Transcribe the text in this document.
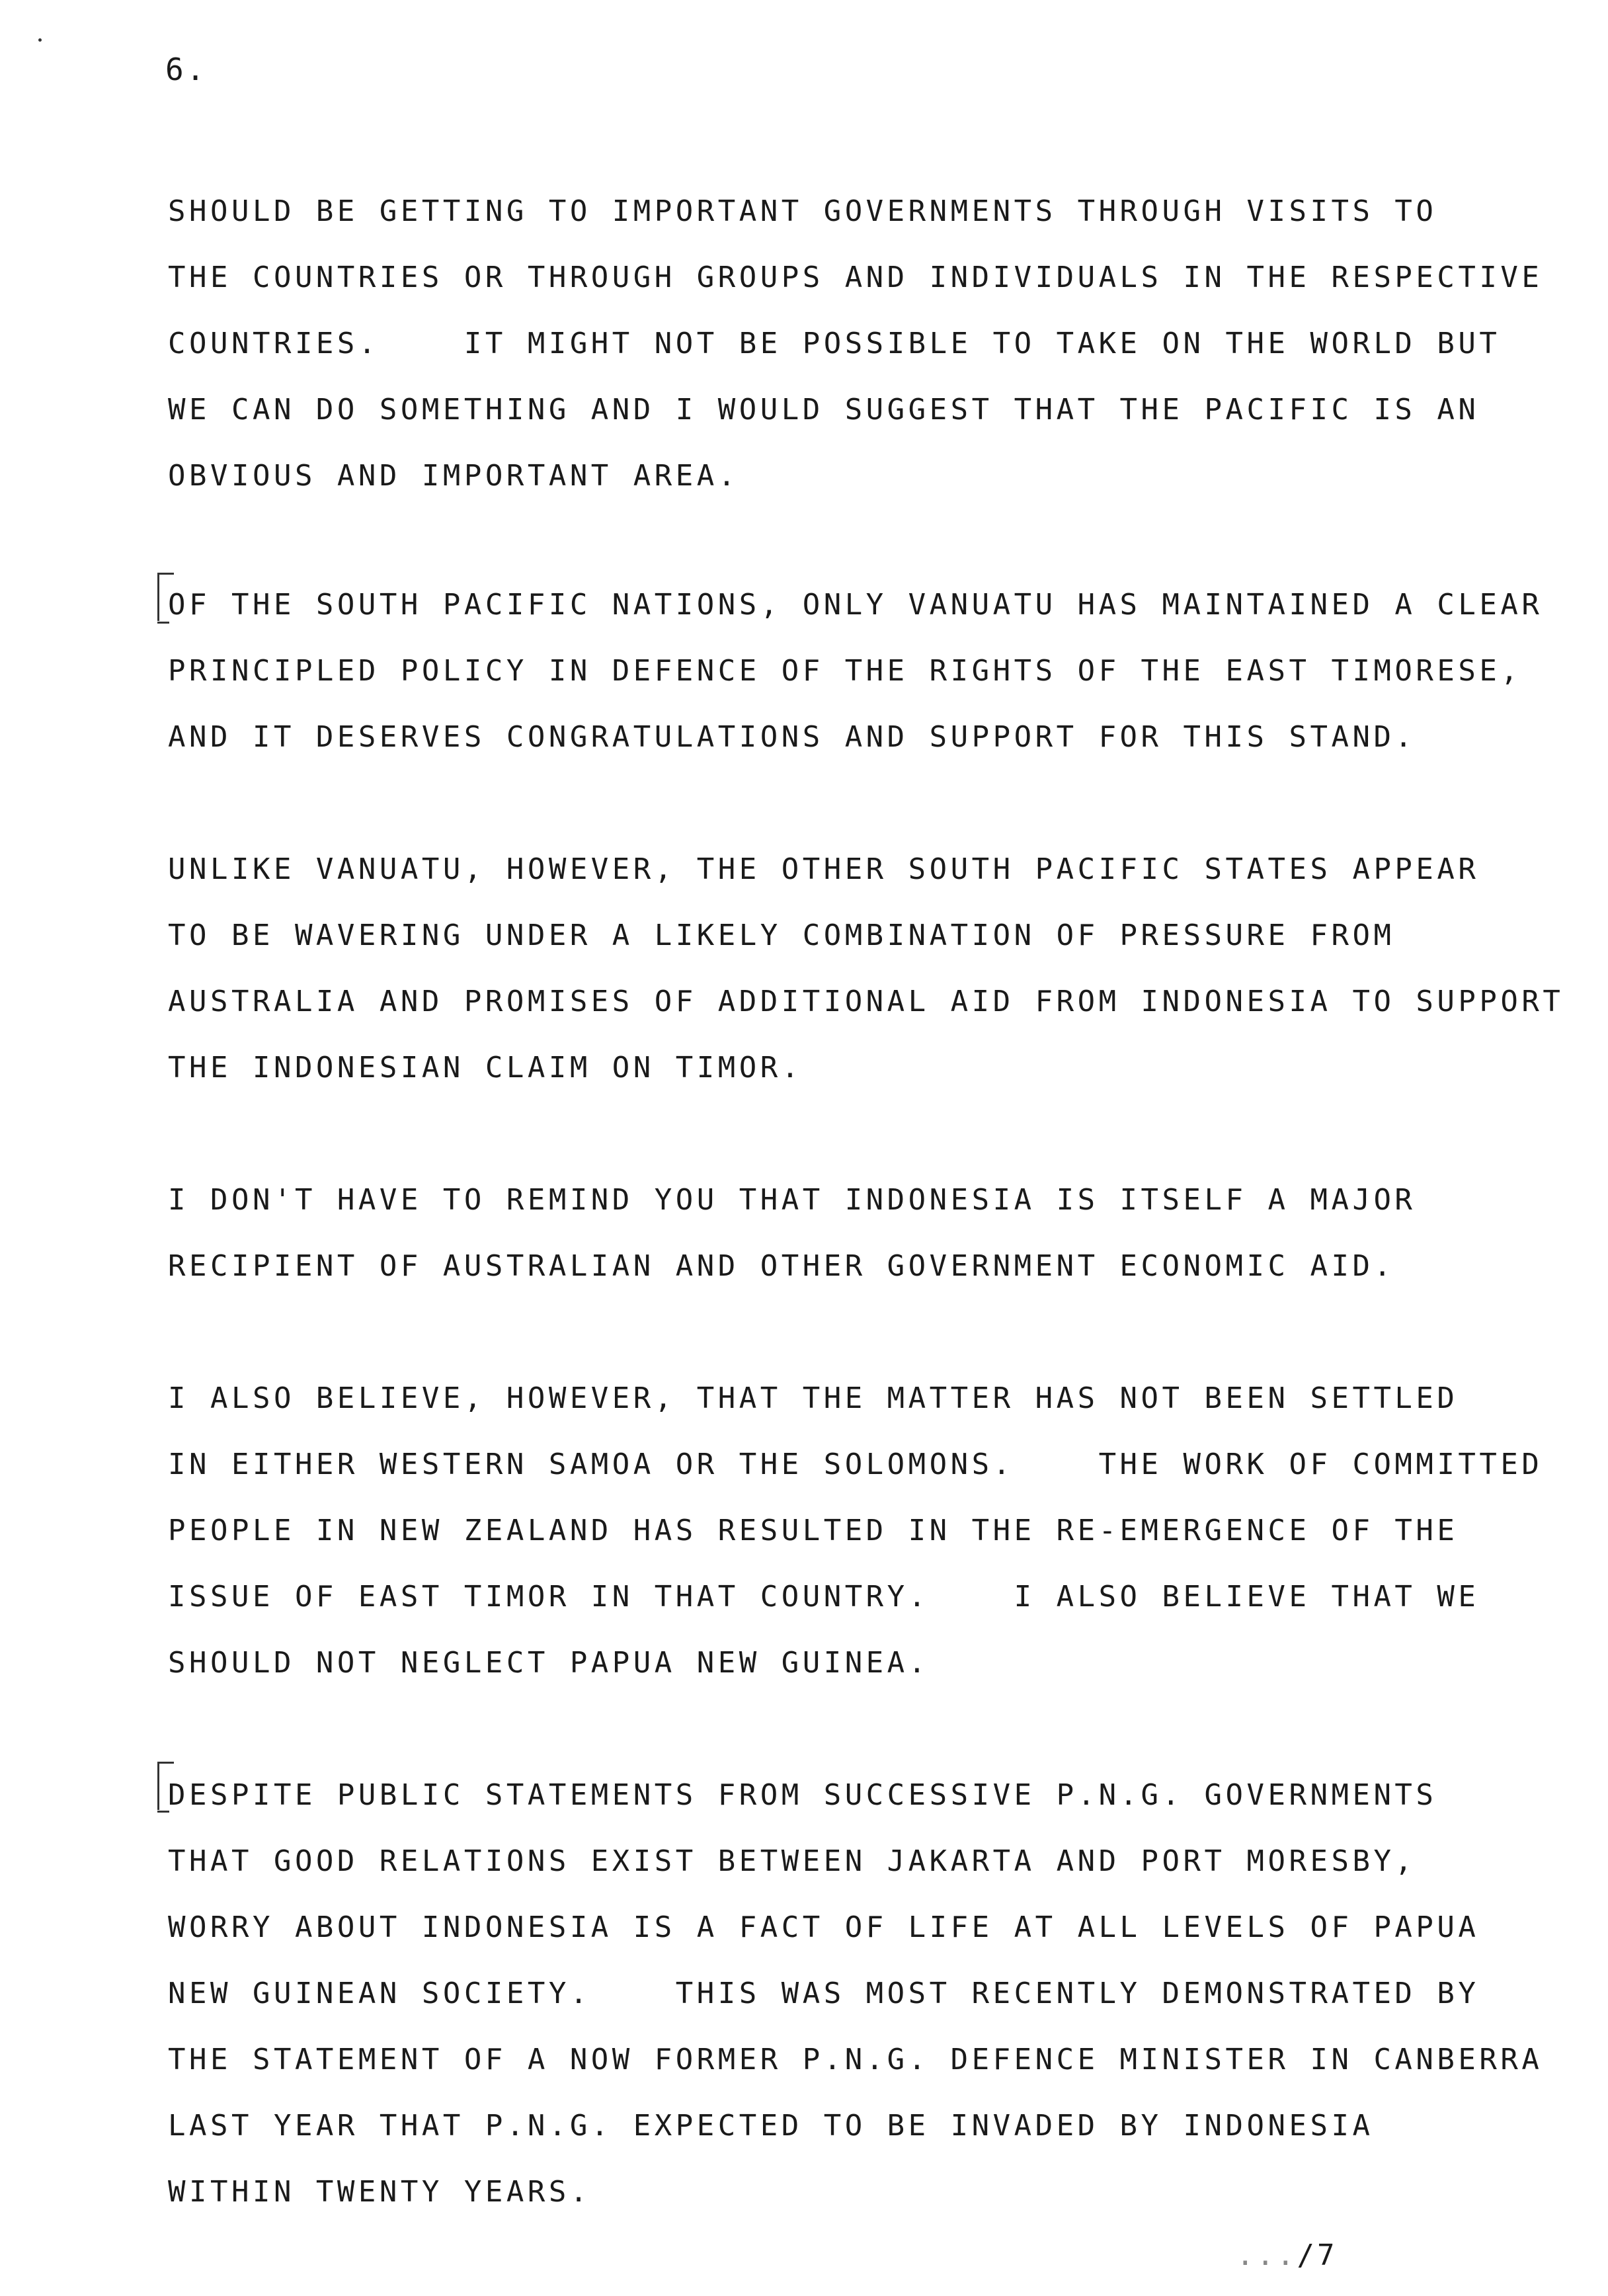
6.
SHOULD BE GETTING TO IMPORTANT GOVERNMENTS THROUGH VISITS TO
THE COUNTRIES OR THROUGH GROUPS AND INDIVIDUALS IN THE RESPECTIVE
COUNTRIES.    IT MIGHT NOT BE POSSIBLE TO TAKE ON THE WORLD BUT
WE CAN DO SOMETHING AND I WOULD SUGGEST THAT THE PACIFIC IS AN
OBVIOUS AND IMPORTANT AREA.
OF THE SOUTH PACIFIC NATIONS, ONLY VANUATU HAS MAINTAINED A CLEAR
PRINCIPLED POLICY IN DEFENCE OF THE RIGHTS OF THE EAST TIMORESE,
AND IT DESERVES CONGRATULATIONS AND SUPPORT FOR THIS STAND.
UNLIKE VANUATU, HOWEVER, THE OTHER SOUTH PACIFIC STATES APPEAR
TO BE WAVERING UNDER A LIKELY COMBINATION OF PRESSURE FROM
AUSTRALIA AND PROMISES OF ADDITIONAL AID FROM INDONESIA TO SUPPORT
THE INDONESIAN CLAIM ON TIMOR.
I DON'T HAVE TO REMIND YOU THAT INDONESIA IS ITSELF A MAJOR
RECIPIENT OF AUSTRALIAN AND OTHER GOVERNMENT ECONOMIC AID.
I ALSO BELIEVE, HOWEVER, THAT THE MATTER HAS NOT BEEN SETTLED
IN EITHER WESTERN SAMOA OR THE SOLOMONS.    THE WORK OF COMMITTED
PEOPLE IN NEW ZEALAND HAS RESULTED IN THE RE-EMERGENCE OF THE
ISSUE OF EAST TIMOR IN THAT COUNTRY.    I ALSO BELIEVE THAT WE
SHOULD NOT NEGLECT PAPUA NEW GUINEA.
DESPITE PUBLIC STATEMENTS FROM SUCCESSIVE P.N.G. GOVERNMENTS
THAT GOOD RELATIONS EXIST BETWEEN JAKARTA AND PORT MORESBY,
WORRY ABOUT INDONESIA IS A FACT OF LIFE AT ALL LEVELS OF PAPUA
NEW GUINEAN SOCIETY.    THIS WAS MOST RECENTLY DEMONSTRATED BY
THE STATEMENT OF A NOW FORMER P.N.G. DEFENCE MINISTER IN CANBERRA
LAST YEAR THAT P.N.G. EXPECTED TO BE INVADED BY INDONESIA
WITHIN TWENTY YEARS.
.../7
